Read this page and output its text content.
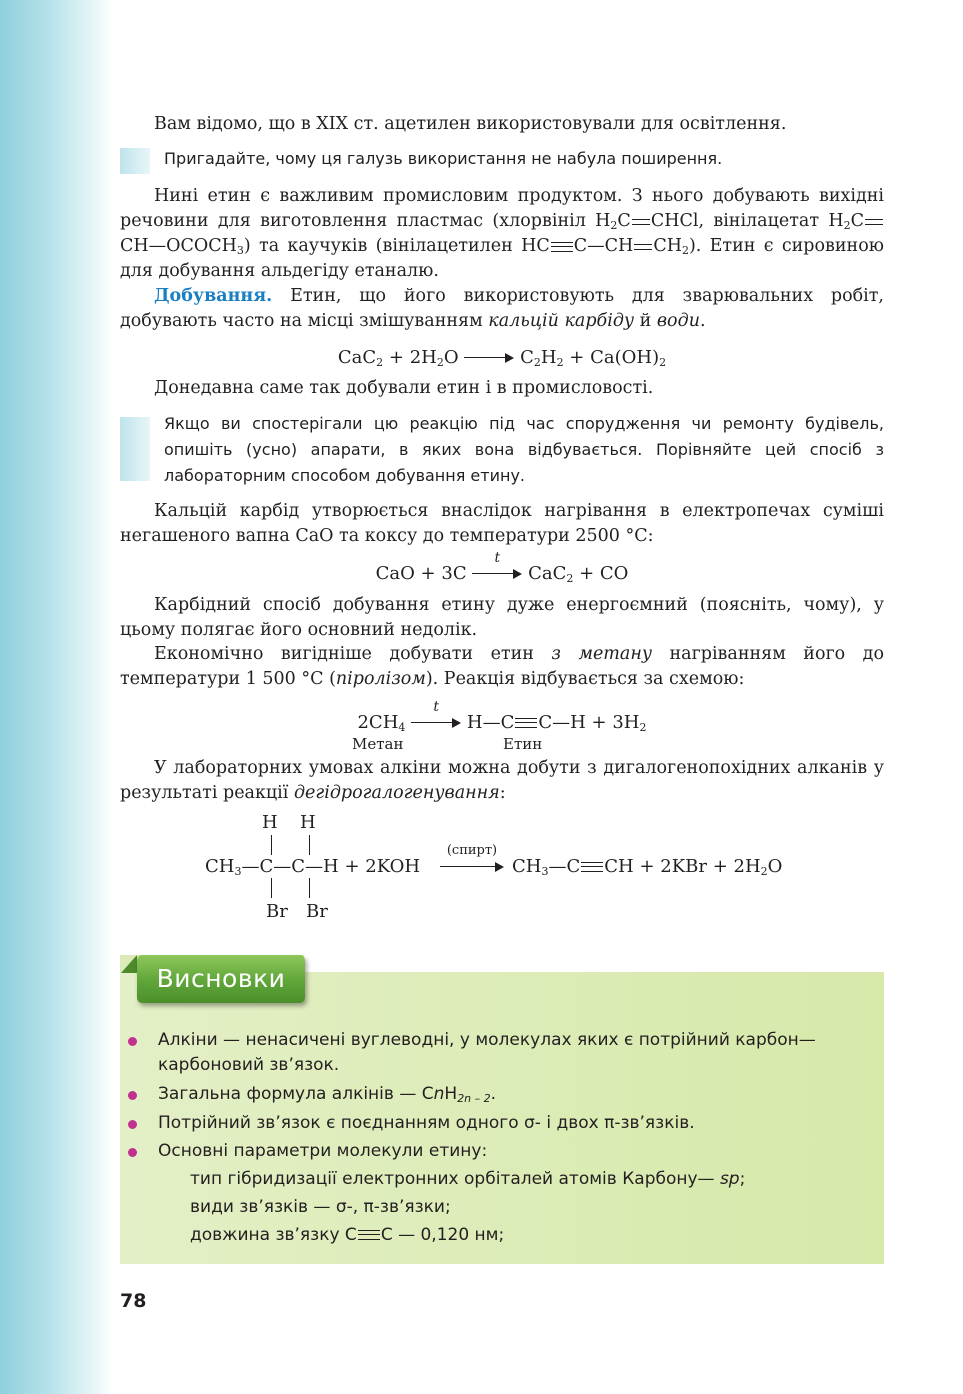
Вам відомо, що в XIX ст. ацетилен використовували для освітлення.

Пригадайте, чому ця галузь використання не набула поширення.

Нині етин є важливим промисловим продуктом. З нього добувають вихідні речовини для виготовлення пластмас (хлорвініл $H_2C$ CHCl, вінілацетат $H_2CCH—OCOCH_3$) та каучуків (вінілацетилен HC C—CH $CH_2$). Етин є сировиною для добування альдегіду етаналю.

Добування. Етин, що його використовують для зварювальних робіт, добувають часто на місці змішуванням кальцій карбіду й води.

$CaC_2 + 2H_2O$	$C_2H_2 + Ca(OH)_2$

Донедавна саме так добували етин і в промисловості.

Якщо ви спостерігали цю реакцію під час спорудження чи ремонту будівель, опишіть (усно) апарати, в яких вона відбувається. Порівняйте цей спосіб з лабораторним способом добування етину.

Кальцій карбід утворюється внаслідок нагрівання в електропечах суміші негашеного вапна CaO та коксу до температури 2500 °С:

CaO + 3C
t
CaC$_2$ + CO

Карбідний спосіб добування етину дуже енергоємний (поясніть, чому), у цьому полягає його основний недолік.

Економічно вигідніше добувати етин з метану нагріванням його до температури 1 500 °С (піролізом). Реакція відбувається за схемою:

$2CH_4$
t
H—C C—H + $3H_2$
Метан	Етин

У лабораторних умовах алкіни можна добути з дигалогенопохідних алканів у результаті реакції дегідрогалогенування:

H H
$CH_3—C—C—H + 2KOH$
(спирт)
$CH_3—C$ CH + $2KBr + 2H_2O$
Br Br
Алкіни — ненасичені вуглеводні, у молекулах яких є потрійний карбон—карбоновий зв’язок.
Загальна формула алкінів — CnH$_{2n - 2}$.
Потрійний зв’язок є поєднанням одного σ- і двох π-зв’язків.
Основні параметри молекули етину:
тип гібридизації електронних орбіталей атомів Карбону— sp;
види зв’язків — σ-, π-зв’язки;
довжина зв’язку C C — 0,120 нм;
Висновки
78
